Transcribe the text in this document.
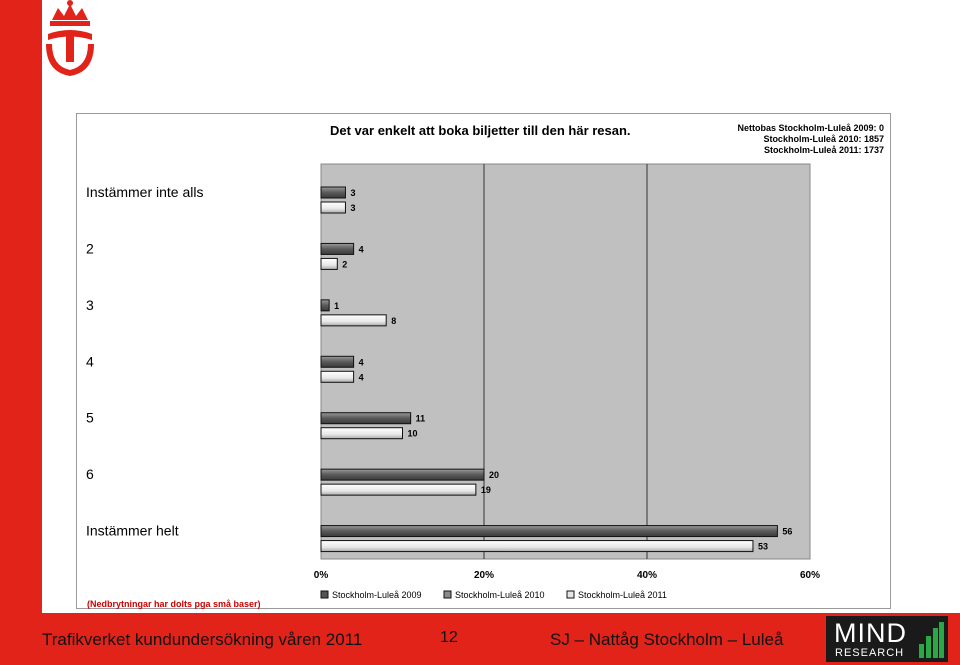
Instämmer inte alls
2
3
4
5
6
Instämmer helt
3
3
4
2
1
8
4
4
11
10
20
19
56
53
0%	20%	40%	60%
Stockholm-Luleå 2009	Stockholm-Luleå 2010	Stockholm-Luleå 2011
Det var enkelt att boka biljetter till den här resan.	Nettobas Stockholm-Luleå 2009: 0
Stockholm-Luleå 2010: 1857
Stockholm-Luleå 2011: 1737
(Nedbrytningar har dolts pga små baser)
Trafikverket kundundersökning våren 2011	12	SJ – Nattåg Stockholm – Luleå MIND
RESEARCH
